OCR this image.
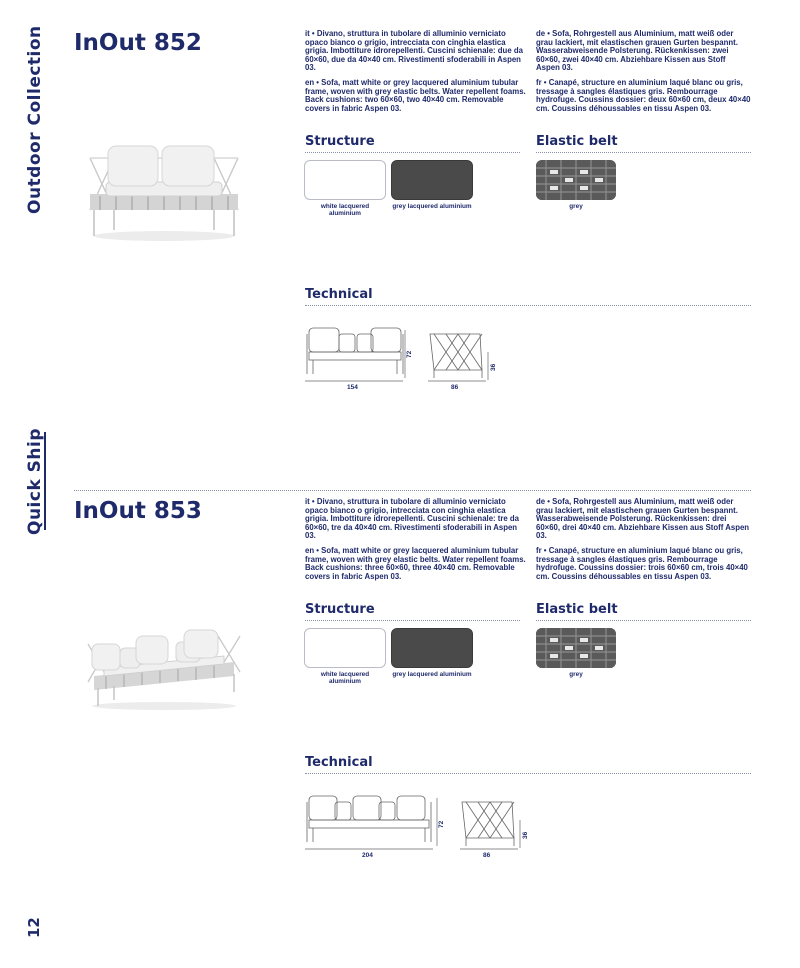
Outdoor Collection
Quick Ship
12
InOut 852	it • Divano, struttura in tubolare di alluminio verniciato opaco bianco o grigio, intrecciata con cinghia elastica grigia. Imbottiture idrorepellenti. Cuscini schienale: due da 60×60, due da 40×40 cm. Rivestimenti sfoderabili in Aspen 03.

en • Sofa, matt white or grey lacquered aluminium tubular frame, woven with grey elastic belts. Water repellent foams. Back cushions: two 60×60, two 40×40 cm. Removable covers in fabric Aspen 03.

de • Sofa, Rohrgestell aus Aluminium, matt weiß oder grau lackiert, mit elastischen grauen Gurten bespannt. Wasserabweisende Polsterung. Rückenkissen: zwei 60×60, zwei 40×40 cm. Abziehbare Kissen aus Stoff Aspen 03.

fr • Canapé, structure en aluminium laqué blanc ou gris, tressage à sangles élastiques gris. Rembourrage hydrofuge. Coussins dossier: deux 60×60 cm, deux 40×40 cm. Coussins déhoussables en tissu Aspen 03.

Structure	Elastic belt
white lacquered aluminium
grey lacquered aluminium	grey
Technical
154
72
86
36
InOut 853	it • Divano, struttura in tubolare di alluminio verniciato opaco bianco o grigio, intrecciata con cinghia elastica grigia. Imbottiture idrorepellenti. Cuscini schienale: tre da 60×60, tre da 40×40 cm. Rivestimenti sfoderabili in Aspen 03.

en • Sofa, matt white or grey lacquered aluminium tubular frame, woven with grey elastic belts. Water repellent foams. Back cushions: three 60×60, three 40×40 cm. Removable covers in fabric Aspen 03.

de • Sofa, Rohrgestell aus Aluminium, matt weiß oder grau lackiert, mit elastischen grauen Gurten bespannt. Wasserabweisende Polsterung. Rückenkissen: drei 60×60, drei 40×40 cm. Abziehbare Kissen aus Stoff Aspen 03.

fr • Canapé, structure en aluminium laqué blanc ou gris, tressage à sangles élastiques gris. Rembourrage hydrofuge. Coussins dossier: trois 60×60 cm, trois 40×40 cm. Coussins déhoussables en tissu Aspen 03.

Structure	Elastic belt
white lacquered aluminium
grey lacquered aluminium	grey
Technical
204
72
86
36
